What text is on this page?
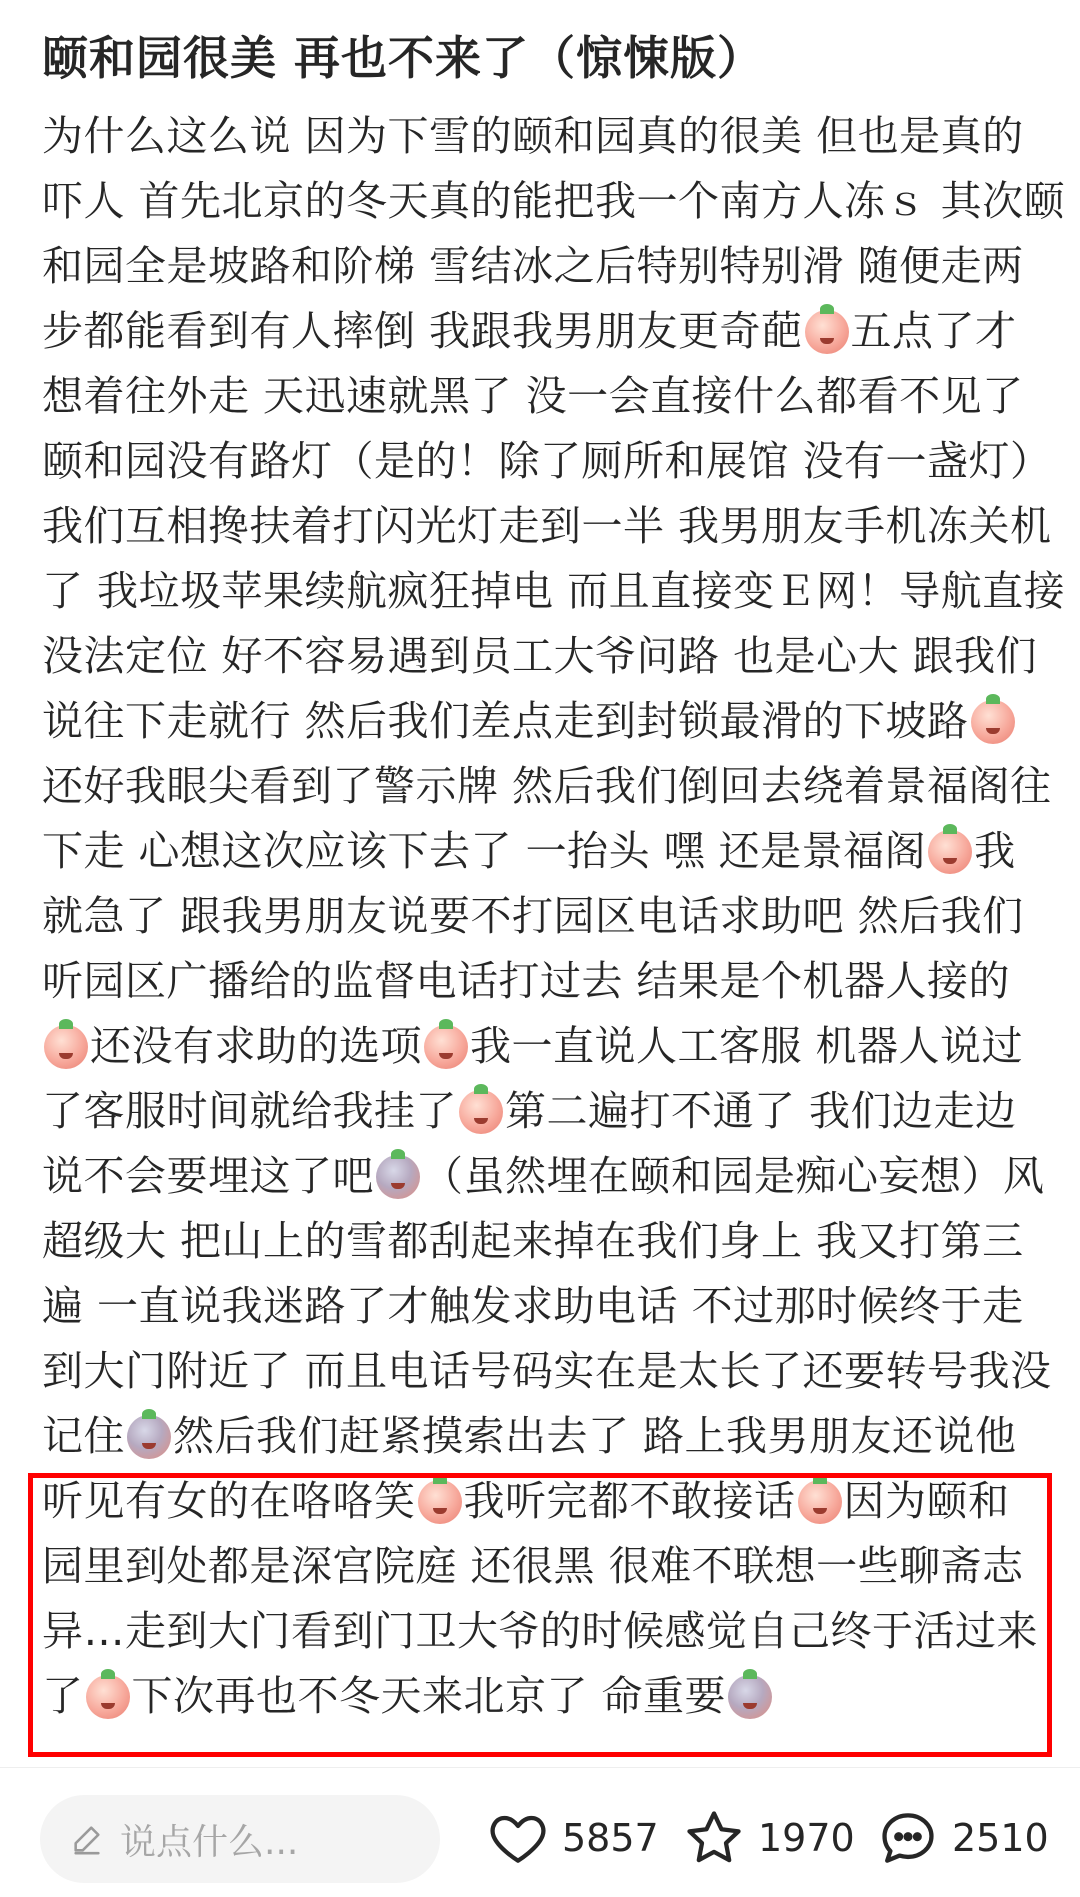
颐和园很美 再也不来了（惊悚版）
为什么这么说 因为下雪的颐和园真的很美 但也是真的
吓人 首先北京的冬天真的能把我一个南方人冻ｓ 其次颐
和园全是坡路和阶梯 雪结冰之后特别特别滑 随便走两
步都能看到有人摔倒 我跟我男朋友更奇葩 五点了才
想着往外走 天迅速就黑了 没一会直接什么都看不见了
颐和园没有路灯（是的！除了厕所和展馆 没有一盏灯）
我们互相搀扶着打闪光灯走到一半 我男朋友手机冻关机
了 我垃圾苹果续航疯狂掉电 而且直接变Ｅ网！导航直接
没法定位 好不容易遇到员工大爷问路 也是心大 跟我们
说往下走就行 然后我们差点走到封锁最滑的下坡路
还好我眼尖看到了警示牌 然后我们倒回去绕着景福阁往
下走 心想这次应该下去了 一抬头 嘿 还是景福阁 我
就急了 跟我男朋友说要不打园区电话求助吧 然后我们
听园区广播给的监督电话打过去 结果是个机器人接的
还没有求助的选项 我一直说人工客服 机器人说过
了客服时间就给我挂了 第二遍打不通了 我们边走边
说不会要埋这了吧 （虽然埋在颐和园是痴心妄想）风
超级大 把山上的雪都刮起来掉在我们身上 我又打第三
遍 一直说我迷路了才触发求助电话 不过那时候终于走
到大门附近了 而且电话号码实在是太长了还要转号我没
记住 然后我们赶紧摸索出去了 路上我男朋友还说他
听见有女的在咯咯笑 我听完都不敢接话 因为颐和
园里到处都是深宫院庭 还很黑 很难不联想一些聊斋志
异…走到大门看到门卫大爷的时候感觉自己终于活过来
了 下次再也不冬天来北京了 命重要
说点什么...	5857	1970	2510
